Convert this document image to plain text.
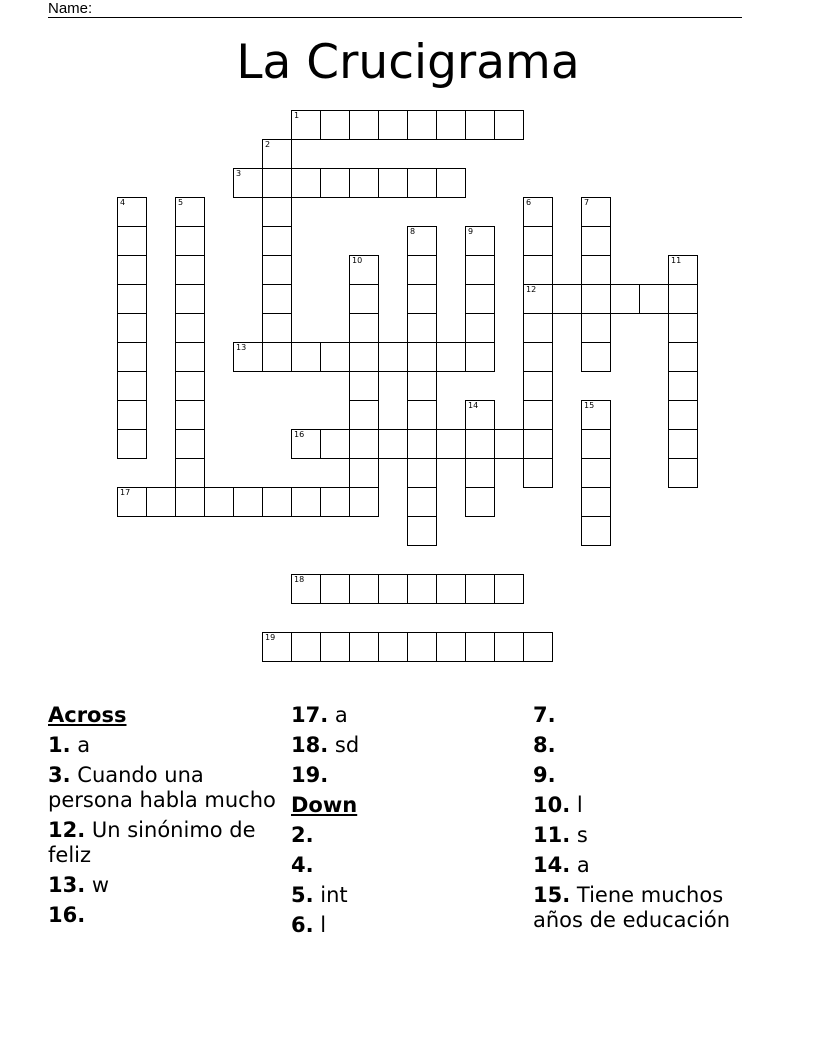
Name:
La Crucigrama
1
2
3
4	5	6
12
7
8	9
10	11
13
14	15
16
17
18
19
Across
1. a
3. Cuando una persona habla mucho
12. Un sinónimo de feliz
13. w
16.
17. a
18. sd
19.
Down
2.
4.
5. int
6. l
7.
8.
9.
10. l
11. s
14. a
15. Tiene muchos años de educación
